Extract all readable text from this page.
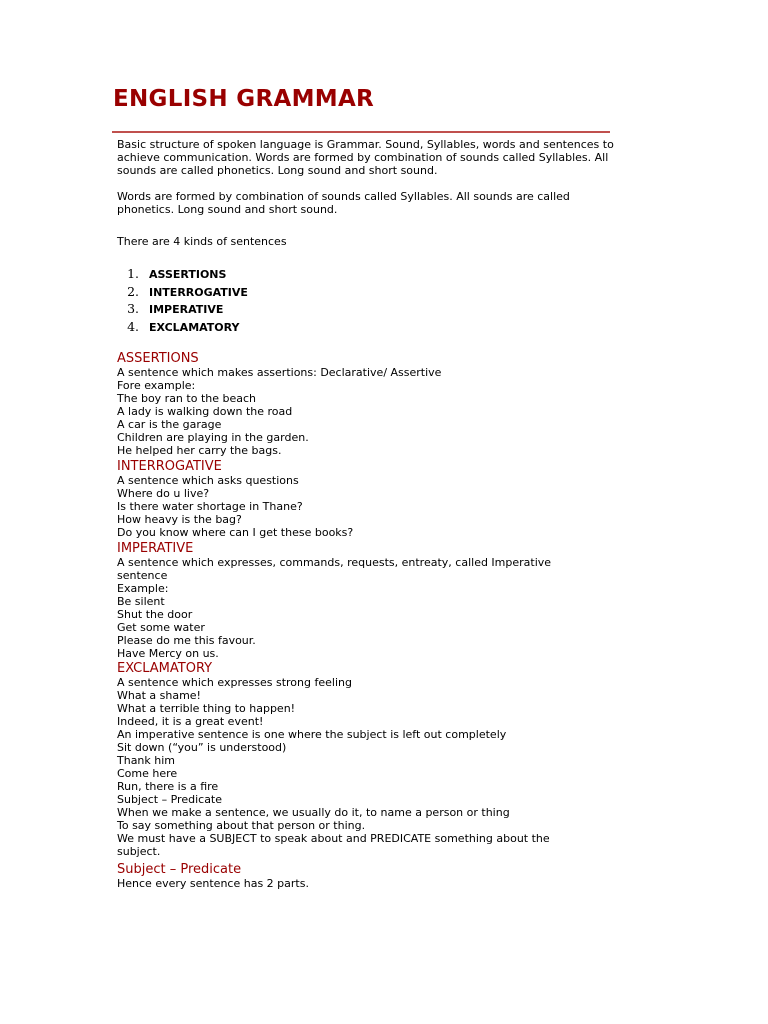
ENGLISH GRAMMAR

Basic structure of spoken language is Grammar. Sound, Syllables, words and sentences to achieve communication. Words are formed by combination of sounds called Syllables. All sounds are called phonetics. Long sound and short sound.

Words are formed by combination of sounds called Syllables. All sounds are called phonetics. Long sound and short sound.

There are 4 kinds of sentences

1. ASSERTIONS
2. INTERROGATIVE
3. IMPERATIVE
4. EXCLAMATORY
ASSERTIONS
A sentence which makes assertions: Declarative/ Assertive
Fore example:
The boy ran to the beach
A lady is walking down the road
A car is the garage
Children are playing in the garden.
He helped her carry the bags.
INTERROGATIVE
A sentence which asks questions
Where do u live?
Is there water shortage in Thane?
How heavy is the bag?
Do you know where can I get these books?
IMPERATIVE
A sentence which expresses, commands, requests, entreaty, called Imperative
sentence
Example:
Be silent
Shut the door
Get some water
Please do me this favour.
Have Mercy on us.
EXCLAMATORY
A sentence which expresses strong feeling
What a shame!
What a terrible thing to happen!
Indeed, it is a great event!
An imperative sentence is one where the subject is left out completely
Sit down (“you” is understood)
Thank him
Come here
Run, there is a fire
Subject – Predicate
When we make a sentence, we usually do it, to name a person or thing
To say something about that person or thing.
We must have a SUBJECT to speak about and PREDICATE something about the
subject.
Subject – Predicate
Hence every sentence has 2 parts.
